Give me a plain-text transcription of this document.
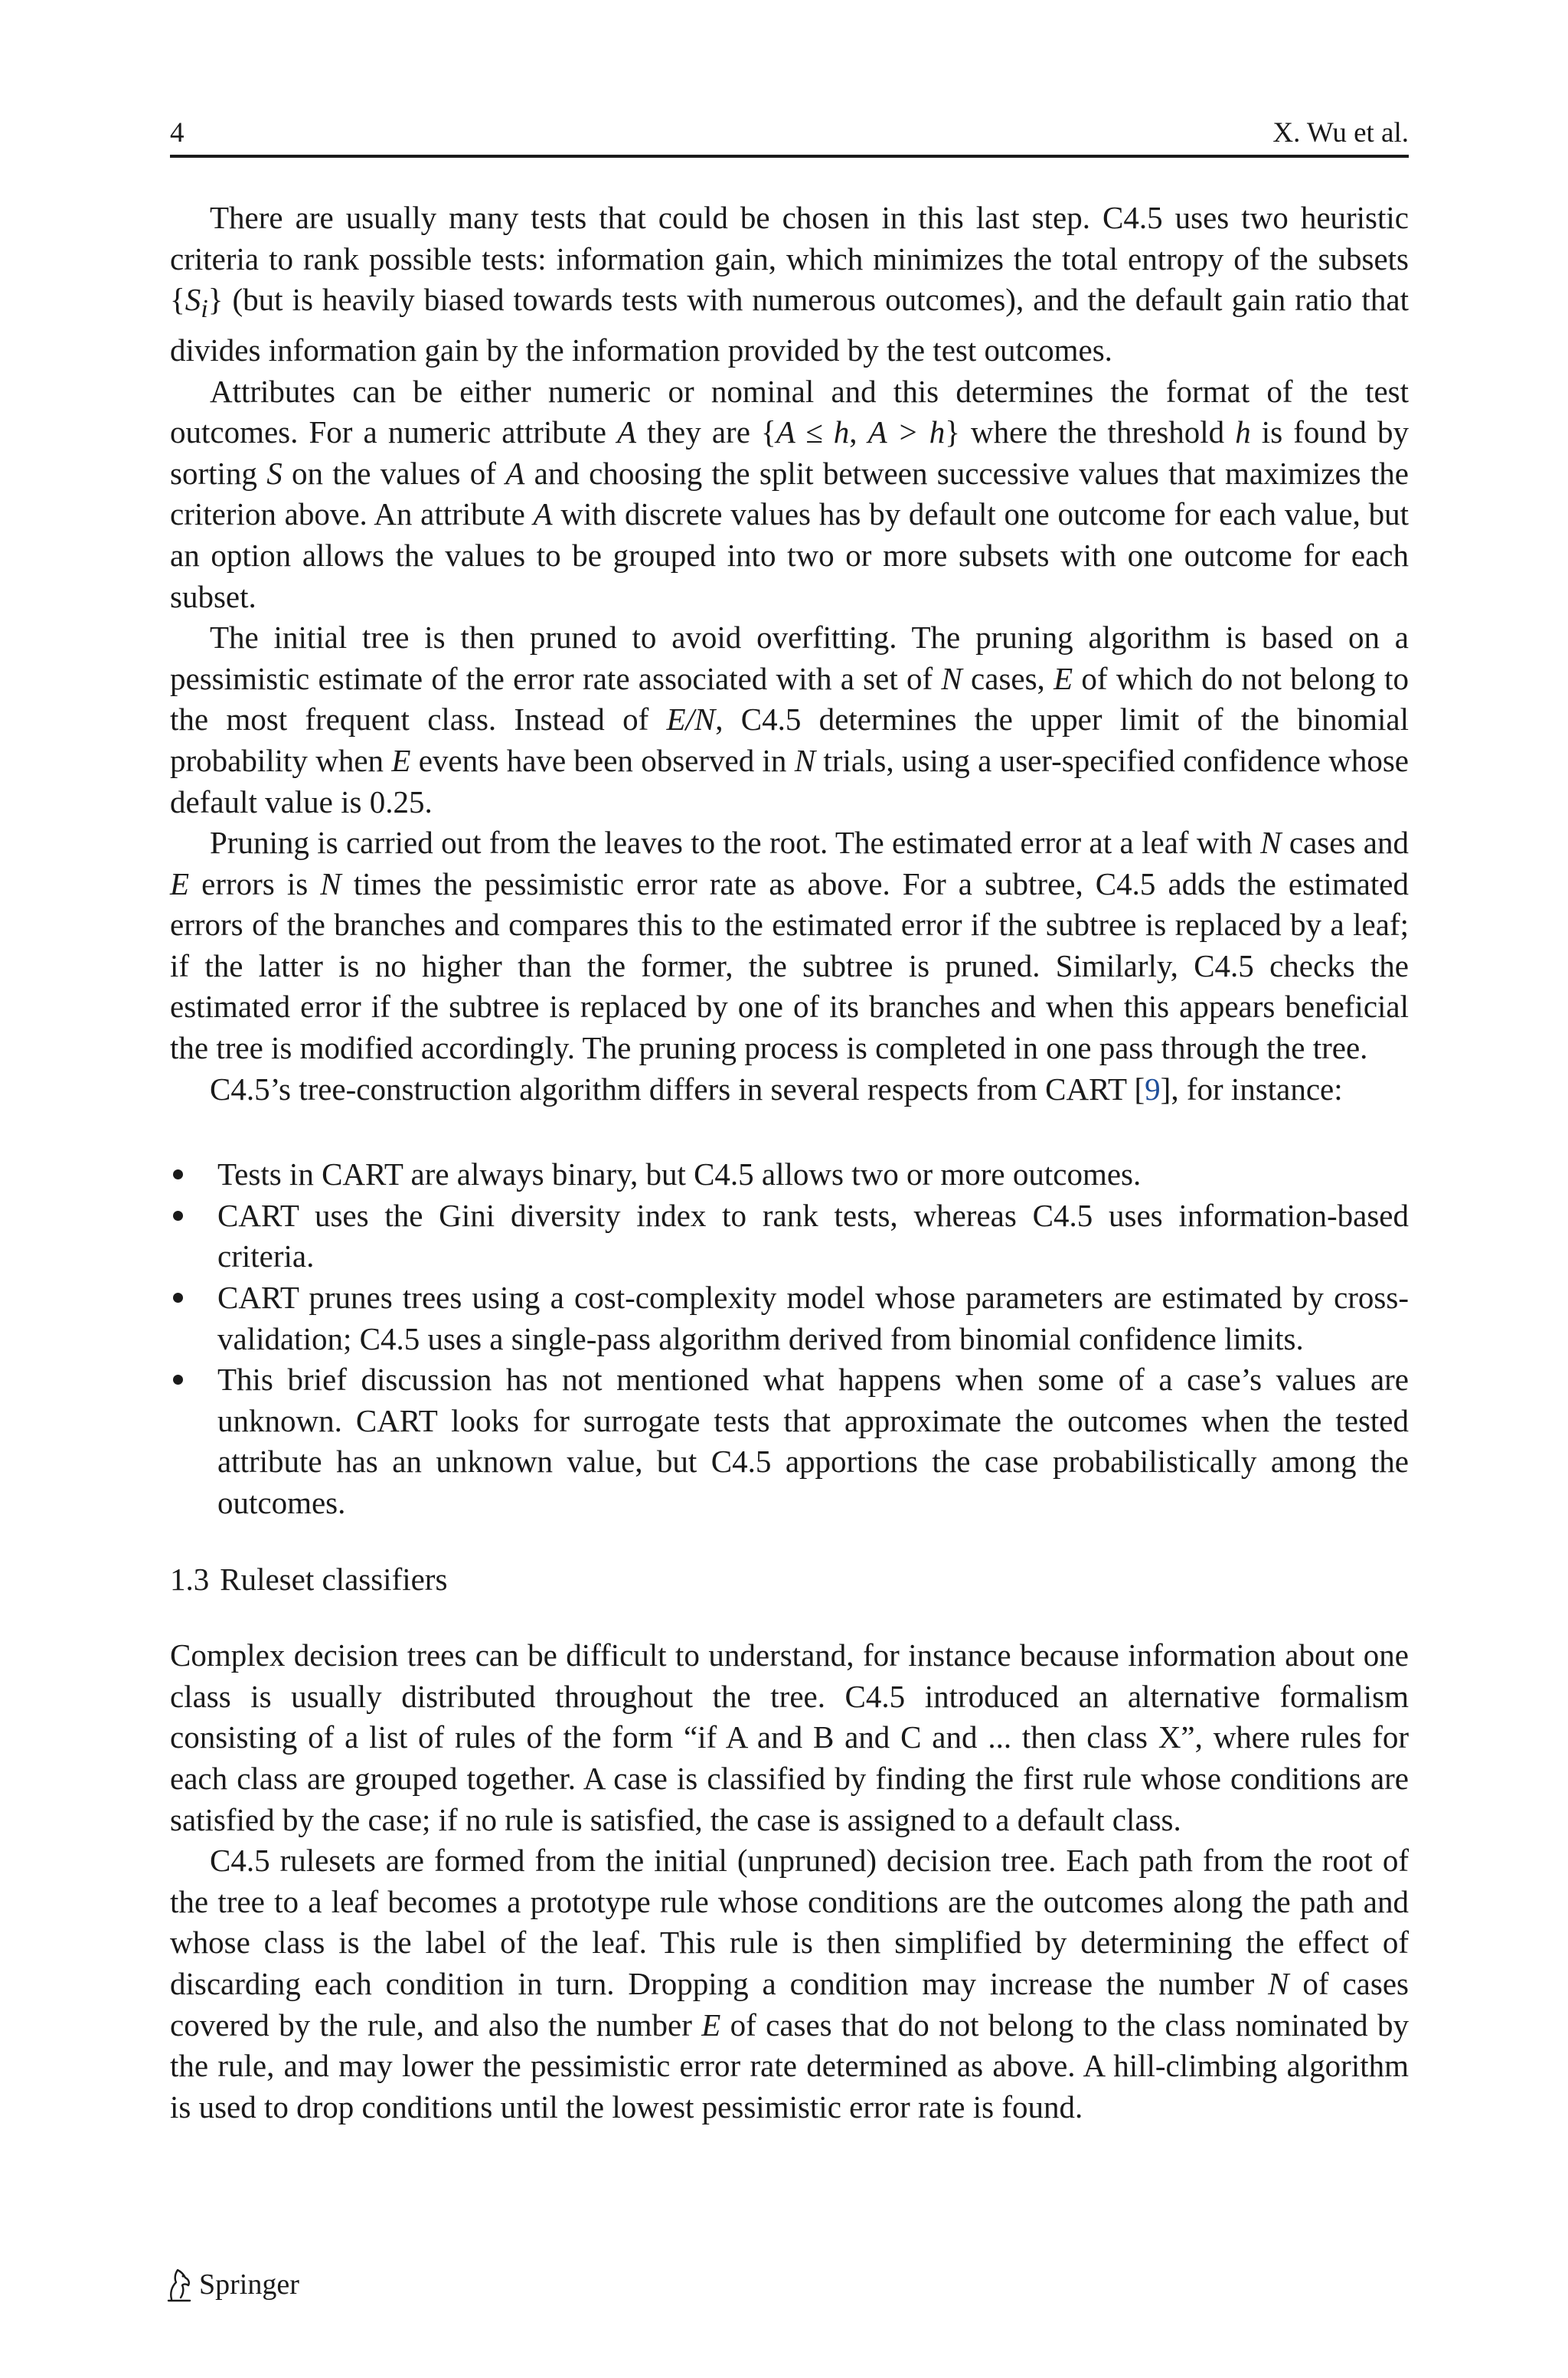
4	X. Wu et al.

There are usually many tests that could be chosen in this last step. C4.5 uses two heuristic criteria to rank possible tests: information gain, which minimizes the total entropy of the subsets $\{S_i\}$ (but is heavily biased towards tests with numerous outcomes), and the default gain ratio that divides information gain by the information provided by the test outcomes.

Attributes can be either numeric or nominal and this determines the format of the test outcomes. For a numeric attribute A they are {A ≤ h, A > h} where the threshold h is found by sorting S on the values of A and choosing the split between successive values that maximizes the criterion above. An attribute A with discrete values has by default one outcome for each value, but an option allows the values to be grouped into two or more subsets with one outcome for each subset.

The initial tree is then pruned to avoid overfitting. The pruning algorithm is based on a pessimistic estimate of the error rate associated with a set of N cases, E of which do not belong to the most frequent class. Instead of E/N, C4.5 determines the upper limit of the binomial probability when E events have been observed in N trials, using a user-specified confidence whose default value is 0.25.

Pruning is carried out from the leaves to the root. The estimated error at a leaf with N cases and E errors is N times the pessimistic error rate as above. For a subtree, C4.5 adds the estimated errors of the branches and compares this to the estimated error if the subtree is replaced by a leaf; if the latter is no higher than the former, the subtree is pruned. Similarly, C4.5 checks the estimated error if the subtree is replaced by one of its branches and when this appears beneficial the tree is modified accordingly. The pruning process is completed in one pass through the tree.

C4.5’s tree-construction algorithm differs in several respects from CART [9], for instance:

Tests in CART are always binary, but C4.5 allows two or more outcomes.
CART uses the Gini diversity index to rank tests, whereas C4.5 uses information-based criteria.
CART prunes trees using a cost-complexity model whose parameters are estimated by cross-validation; C4.5 uses a single-pass algorithm derived from binomial confidence limits.
This brief discussion has not mentioned what happens when some of a case’s values are unknown. CART looks for surrogate tests that approximate the outcomes when the tested attribute has an unknown value, but C4.5 apportions the case probabilistically among the outcomes.
1.3 Ruleset classifiers

Complex decision trees can be difficult to understand, for instance because information about one class is usually distributed throughout the tree. C4.5 introduced an alternative formalism consisting of a list of rules of the form “if A and B and C and ... then class X”, where rules for each class are grouped together. A case is classified by finding the first rule whose conditions are satisfied by the case; if no rule is satisfied, the case is assigned to a default class.

C4.5 rulesets are formed from the initial (unpruned) decision tree. Each path from the root of the tree to a leaf becomes a prototype rule whose conditions are the outcomes along the path and whose class is the label of the leaf. This rule is then simplified by determining the effect of discarding each condition in turn. Dropping a condition may increase the number N of cases covered by the rule, and also the number E of cases that do not belong to the class nominated by the rule, and may lower the pessimistic error rate determined as above. A hill-climbing algorithm is used to drop conditions until the lowest pessimistic error rate is found.

Springer
